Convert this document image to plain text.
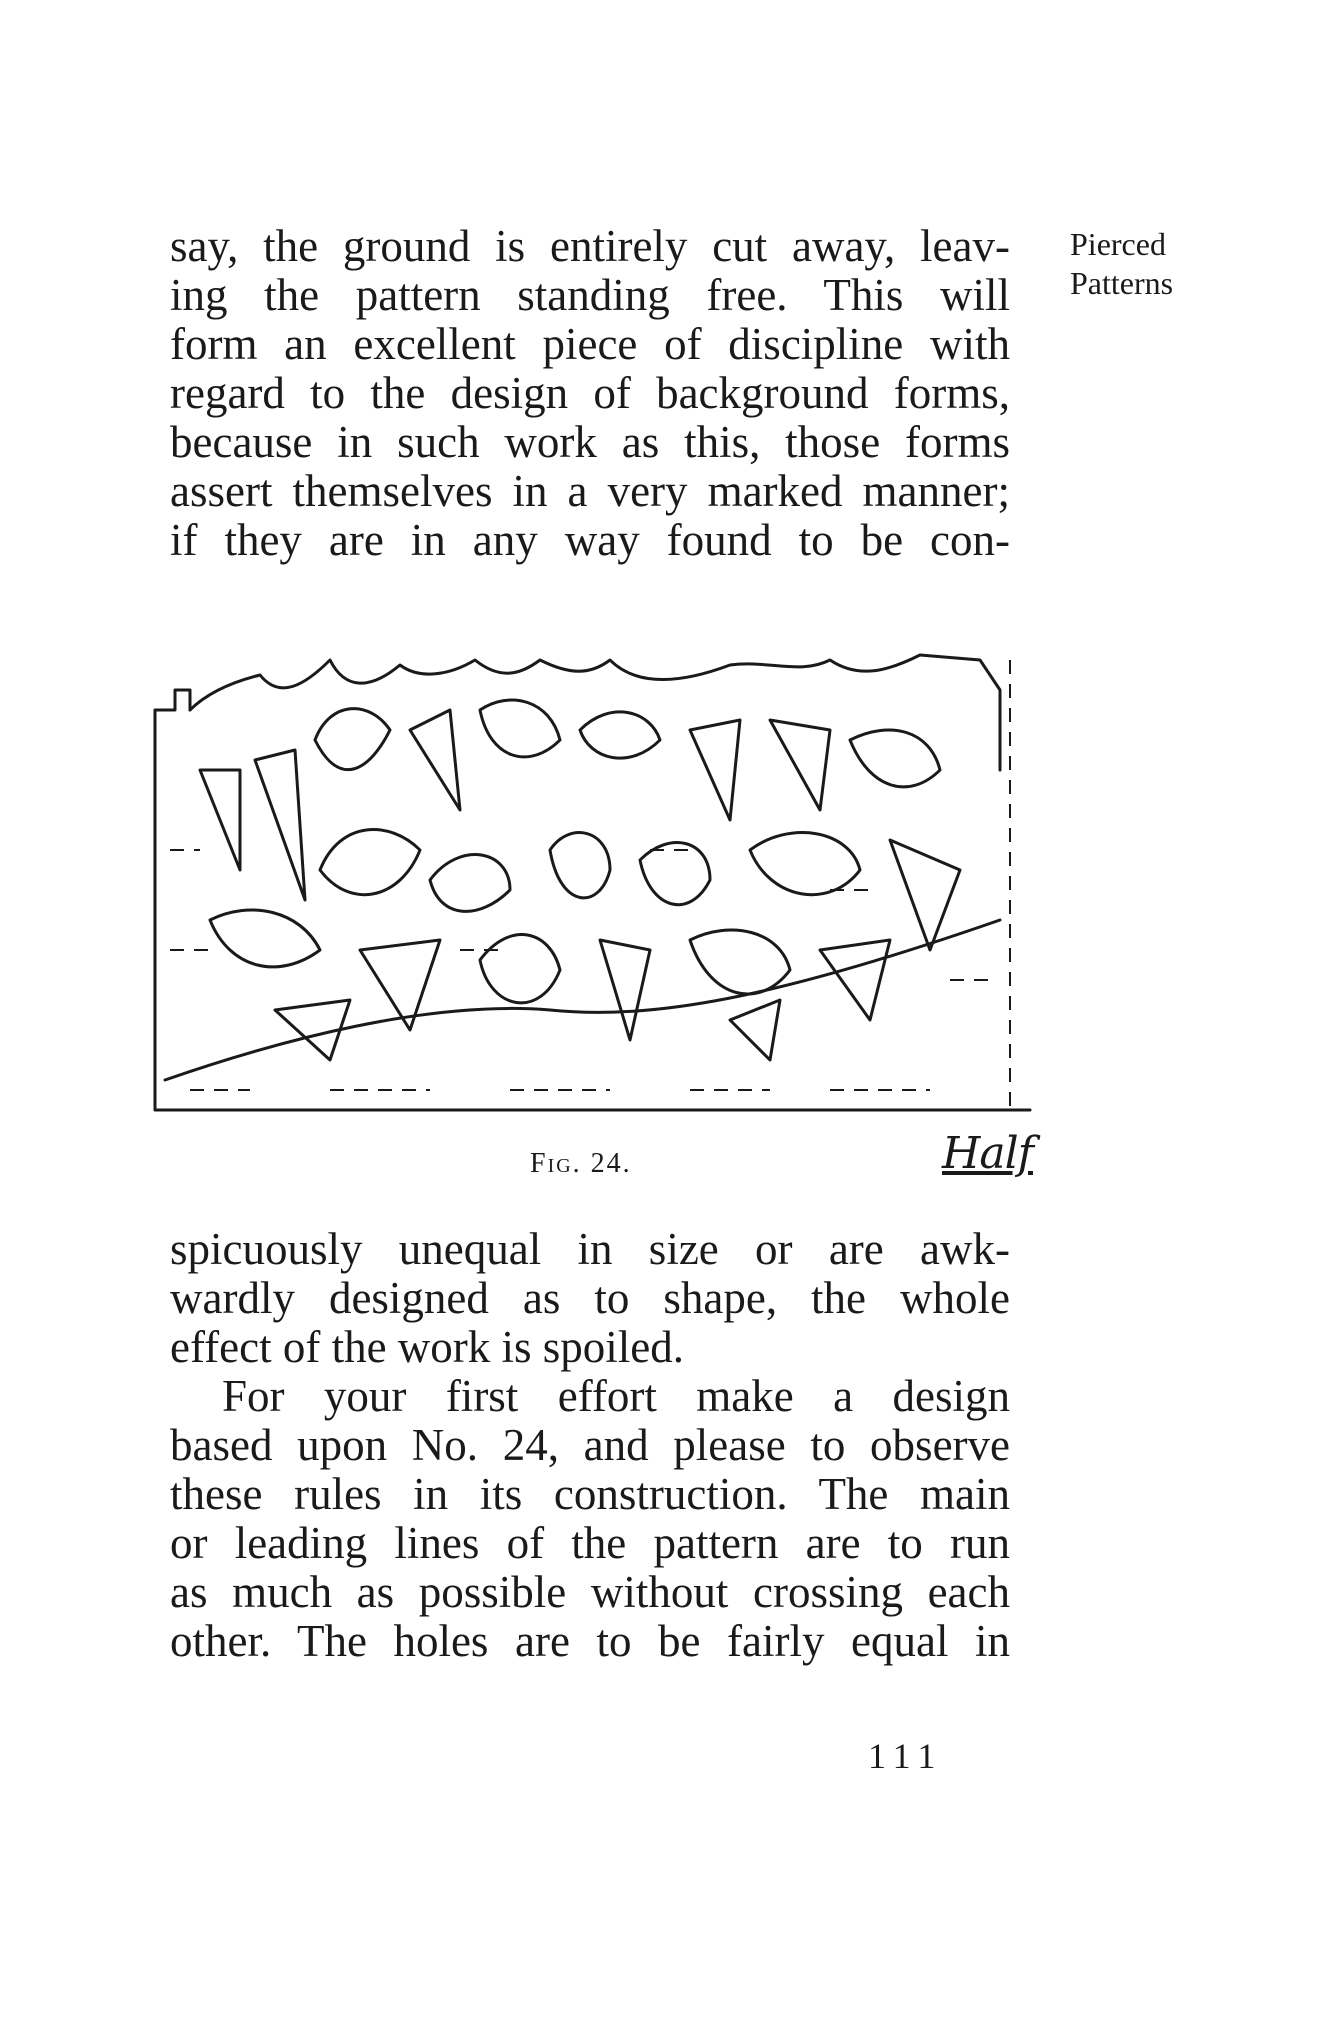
Pierced
Patterns
say, the ground is entirely cut away, leav-
ing the pattern standing free. This will
form an excellent piece of discipline with
regard to the design of background forms,
because in such work as this, those forms
assert themselves in a very marked manner;
if they are in any way found to be con-
Fig. 24.	Half
spicuously unequal in size or are awk-
wardly designed as to shape, the whole
effect of the work is spoiled.
For your first effort make a design
based upon No. 24, and please to observe
these rules in its construction. The main
or leading lines of the pattern are to run
as much as possible without crossing each
other. The holes are to be fairly equal in
111
